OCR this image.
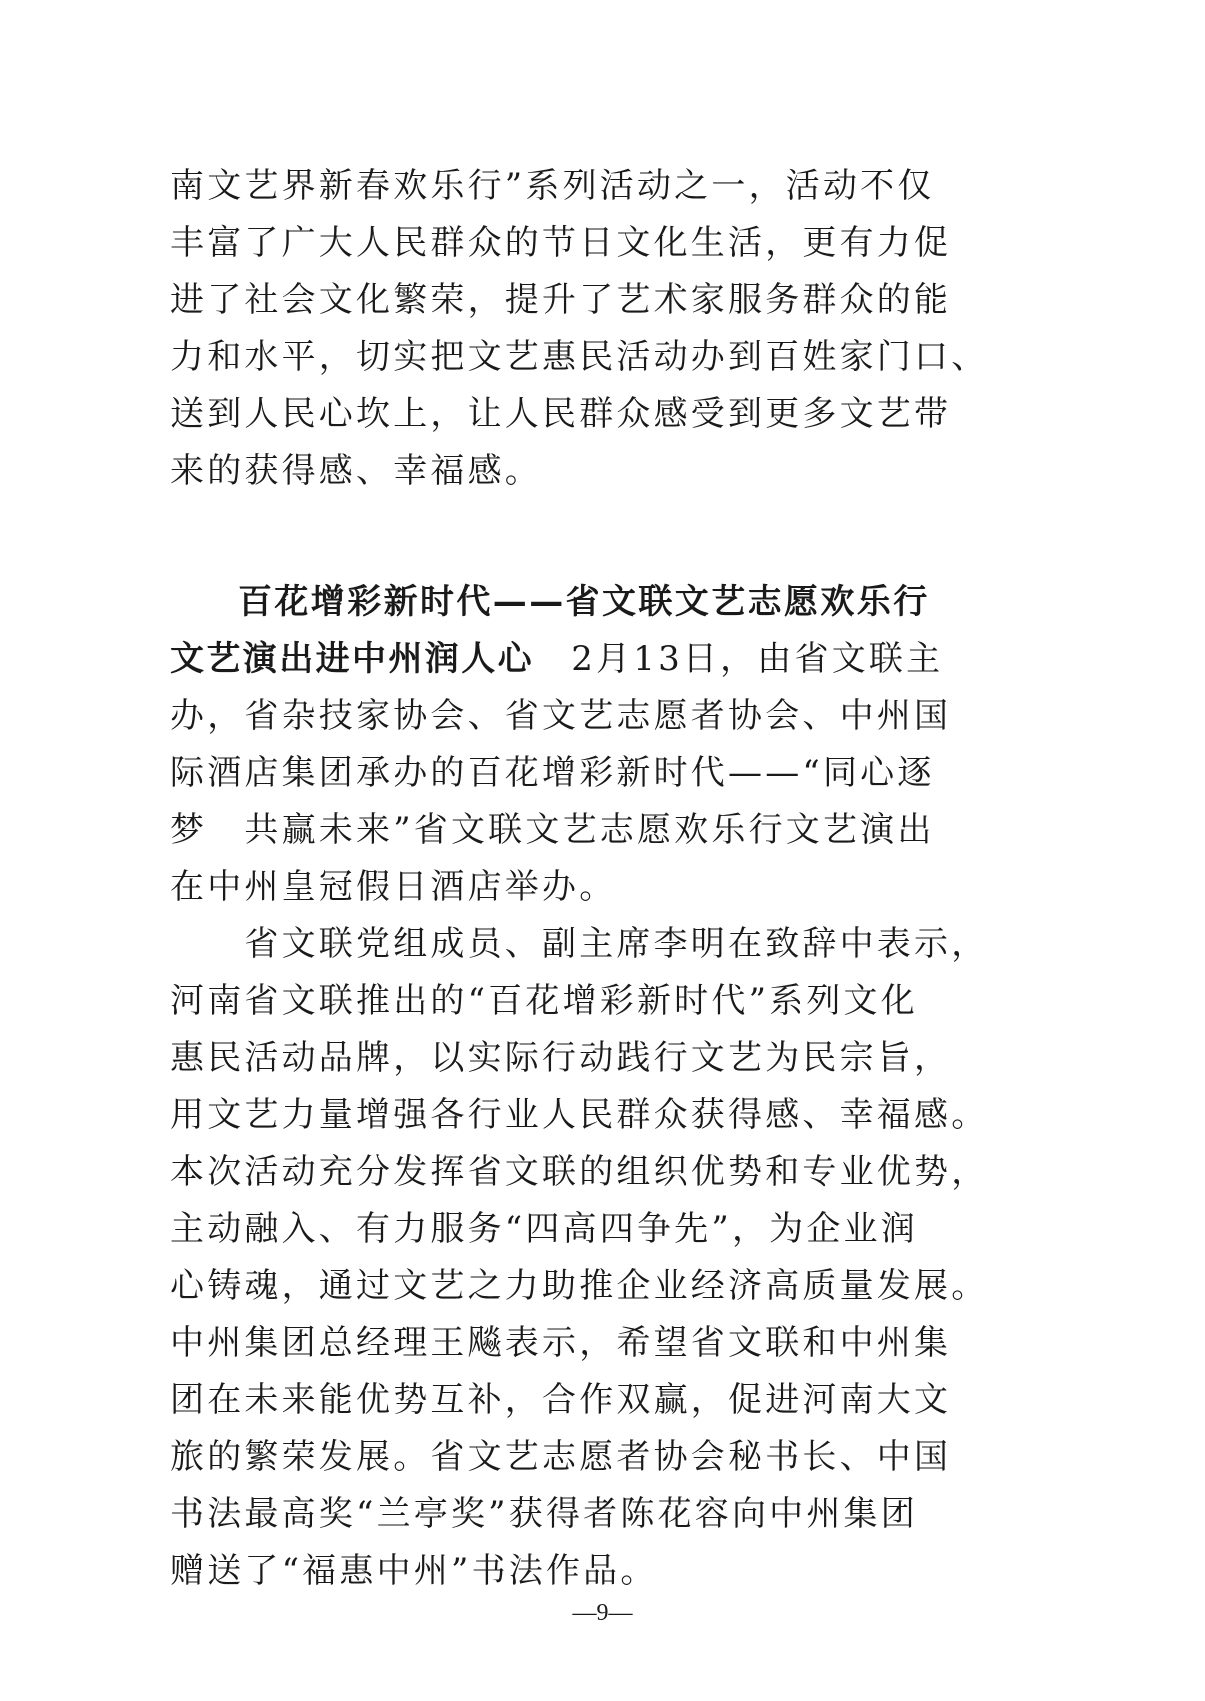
南文艺界新春欢乐行”系列活动之一，活动不仅
丰富了广大人民群众的节日文化生活，更有力促
进了社会文化繁荣，提升了艺术家服务群众的能
力和水平，切实把文艺惠民活动办到百姓家门口、
送到人民心坎上，让人民群众感受到更多文艺带
来的获得感、幸福感。
百花增彩新时代——省文联文艺志愿欢乐行
文艺演出进中州润人心　2月13日，由省文联主
办，省杂技家协会、省文艺志愿者协会、中州国
际酒店集团承办的百花增彩新时代——“同心逐
梦　共赢未来”省文联文艺志愿欢乐行文艺演出
在中州皇冠假日酒店举办。
　　省文联党组成员、副主席李明在致辞中表示，
河南省文联推出的“百花增彩新时代”系列文化
惠民活动品牌，以实际行动践行文艺为民宗旨，
用文艺力量增强各行业人民群众获得感、幸福感。
本次活动充分发挥省文联的组织优势和专业优势，
主动融入、有力服务“四高四争先”，为企业润
心铸魂，通过文艺之力助推企业经济高质量发展。
中州集团总经理王飚表示，希望省文联和中州集
团在未来能优势互补，合作双赢，促进河南大文
旅的繁荣发展。省文艺志愿者协会秘书长、中国
书法最高奖“兰亭奖”获得者陈花容向中州集团
赠送了“福惠中州”书法作品。
—9—
